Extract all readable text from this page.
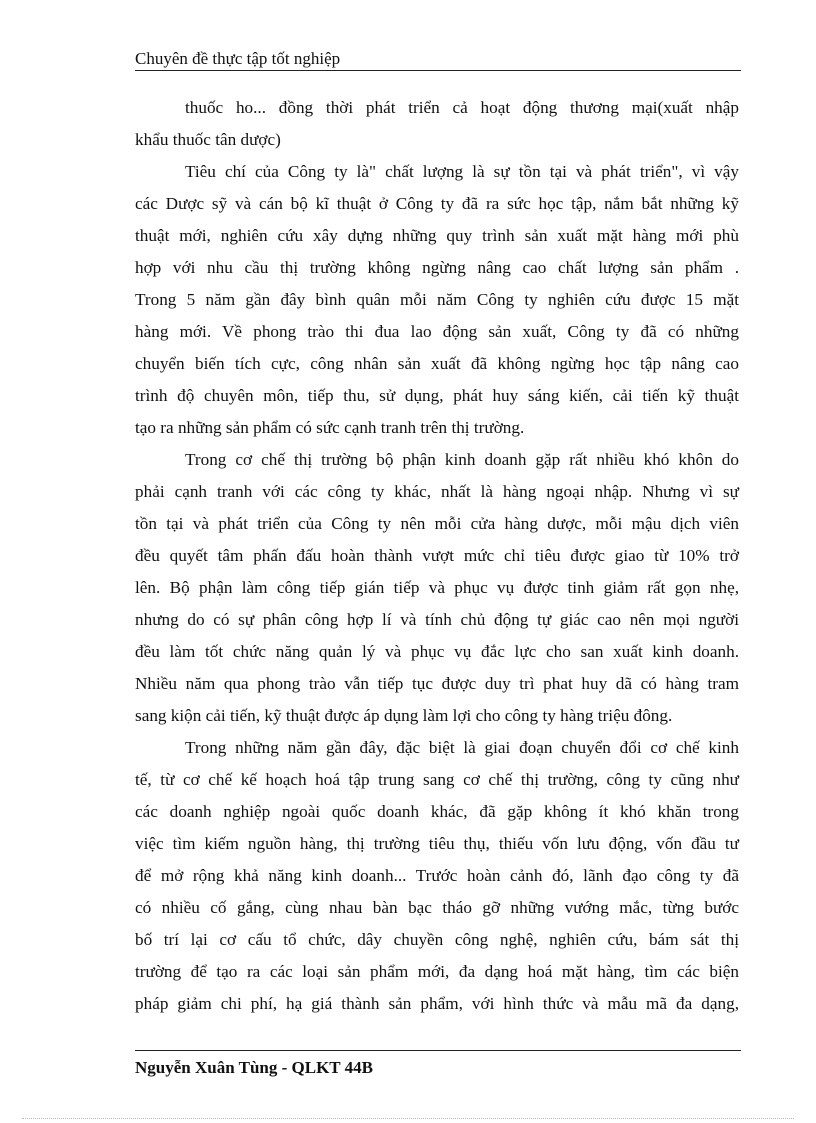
Chuyên đề thực tập tốt nghiệp
thuốc ho... đồng thời phát triển cả hoạt động thương mại(xuất nhập
khẩu thuốc tân dược)
Tiêu chí của Công ty là" chất lượng là sự tồn tại và phát triển", vì vậy
các Dược sỹ và cán bộ kĩ thuật ở Công ty đã ra sức học tập, nắm bắt những kỹ
thuật mới, nghiên cứu xây dựng những quy trình sản xuất mặt hàng mới phù
hợp với nhu cầu thị trường không ngừng nâng cao chất lượng sản phẩm .
Trong 5 năm gần đây bình quân mỗi năm Công ty nghiên cứu được 15 mặt
hàng mới. Về phong trào thi đua lao động sản xuất, Công ty đã có những
chuyển biến tích cực, công nhân sản xuất đã không ngừng học tập nâng cao
trình độ chuyên môn, tiếp thu, sử dụng, phát huy sáng kiến, cải tiến kỹ thuật
tạo ra những sản phẩm có sức cạnh tranh trên thị trường.
Trong cơ chế thị trường bộ phận kinh doanh gặp rất nhiều khó khôn do
phải cạnh tranh với các công ty khác, nhất là hàng ngoại nhập. Nhưng vì sự
tồn tại và phát triển của Công ty nên mỗi cửa hàng dược, mỗi mậu dịch viên
đều quyết tâm phấn đấu hoàn thành vượt mức chỉ tiêu được giao từ 10% trở
lên. Bộ phận làm công tiếp gián tiếp và phục vụ được tinh giảm rất gọn nhẹ,
nhưng do có sự phân công hợp lí và tính chủ động tự giác cao nên mọi người
đều làm tốt chức năng quản lý và phục vụ đắc lực cho san xuất kinh doanh.
Nhiều năm qua phong trào vẫn tiếp tục được duy trì phat huy dã có hàng tram
sang kiộn cải tiến, kỹ thuật được áp dụng làm lợi cho công ty hàng triệu đông.
Trong những năm gần đây, đặc biệt là giai đoạn chuyển đổi cơ chế kinh
tế, từ cơ chế kế hoạch hoá tập trung sang cơ chế thị trường, công ty cũng như
các doanh nghiệp ngoài quốc doanh khác, đã gặp không ít khó khăn trong
việc tìm kiếm nguồn hàng, thị trường tiêu thụ, thiếu vốn lưu động, vốn đầu tư
để mở rộng khả năng kinh doanh... Trước hoàn cảnh đó, lãnh đạo công ty đã
có nhiều cố gắng, cùng nhau bàn bạc tháo gỡ những vướng mắc, từng bước
bố trí lại cơ cấu tổ chức, dây chuyền công nghệ, nghiên cứu, bám sát thị
trường để tạo ra các loại sản phẩm mới, đa dạng hoá mặt hàng, tìm các biện
pháp giảm chi phí, hạ giá thành sản phẩm, với hình thức và mẫu mã đa dạng,
Nguyễn Xuân Tùng - QLKT 44B
